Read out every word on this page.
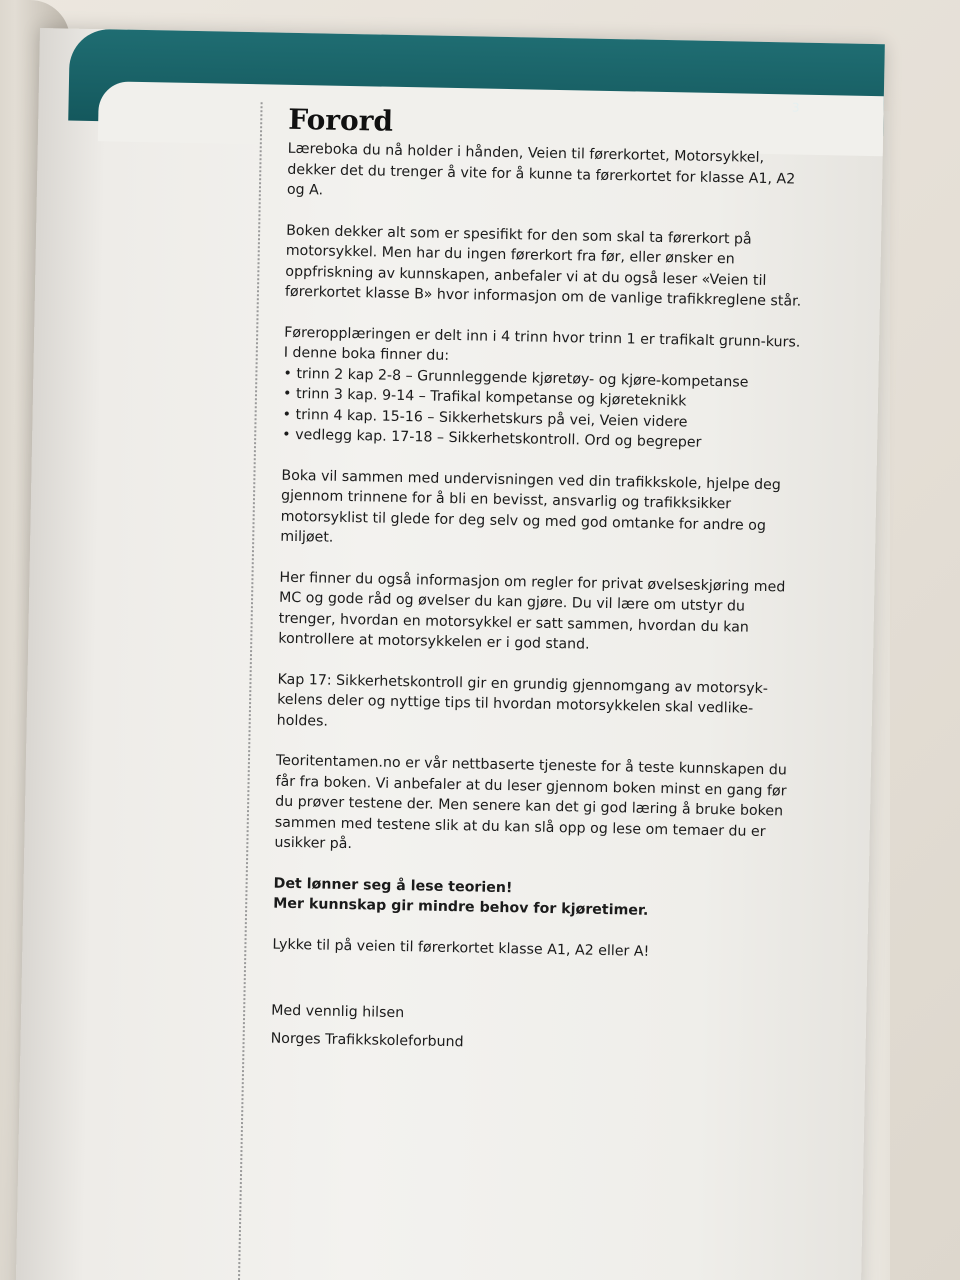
3
Forord

Læreboka du nå holder i hånden, Veien til førerkortet, Motorsykkel, dekker det du trenger å vite for å kunne ta førerkortet for klasse A1, A2 og A.

Boken dekker alt som er spesifikt for den som skal ta førerkort på motorsykkel. Men har du ingen førerkort fra før, eller ønsker en oppfriskning av kunnskapen, anbefaler vi at du også leser «Veien til førerkortet klasse B» hvor informasjon om de vanlige trafikkreglene står.

Føreropplæringen er delt inn i 4 trinn hvor trinn 1 er trafikalt grunn-kurs.

I denne boka finner du:

• trinn 2 kap 2-8 – Grunnleggende kjøretøy- og kjøre-kompetanse
• trinn 3 kap. 9-14 – Trafikal kompetanse og kjøreteknikk
• trinn 4 kap. 15-16 – Sikkerhetskurs på vei, Veien videre
• vedlegg kap. 17-18 – Sikkerhetskontroll. Ord og begreper

Boka vil sammen med undervisningen ved din trafikkskole, hjelpe deg gjennom trinnene for å bli en bevisst, ansvarlig og trafikksikker motorsyklist til glede for deg selv og med god omtanke for andre og miljøet.

Her finner du også informasjon om regler for privat øvelseskjøring med MC og gode råd og øvelser du kan gjøre. Du vil lære om utstyr du trenger, hvordan en motorsykkel er satt sammen, hvordan du kan kontrollere at motorsykkelen er i god stand.

Kap 17: Sikkerhetskontroll gir en grundig gjennomgang av motorsyk-kelens deler og nyttige tips til hvordan motorsykkelen skal vedlike-holdes.

Teoritentamen.no er vår nettbaserte tjeneste for å teste kunnskapen du får fra boken. Vi anbefaler at du leser gjennom boken minst en gang før du prøver testene der. Men senere kan det gi god læring å bruke boken sammen med testene slik at du kan slå opp og lese om temaer du er usikker på.

Det lønner seg å lese teorien!

Mer kunnskap gir mindre behov for kjøretimer.

Lykke til på veien til førerkortet klasse A1, A2 eller A!

Med vennlig hilsen

Norges Trafikkskoleforbund
